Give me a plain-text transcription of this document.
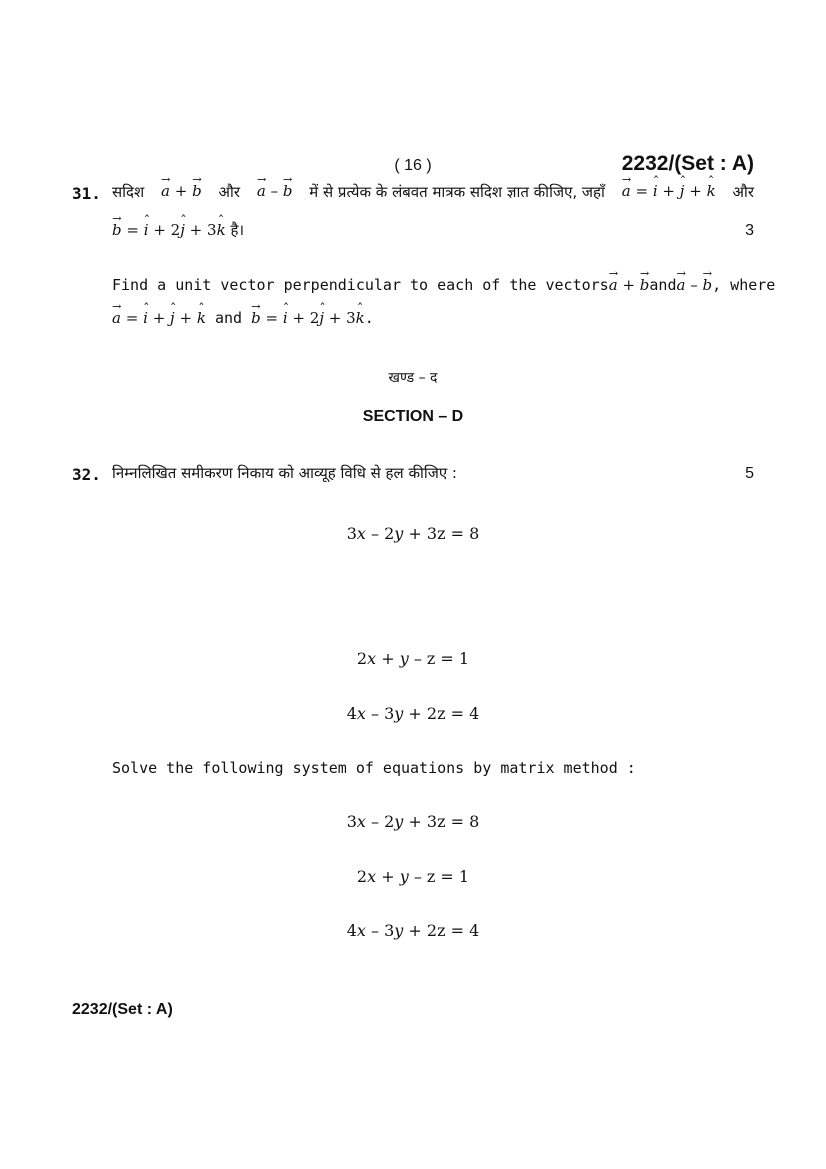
( 16 )	2232/(Set : A)
31. सदिश → a + → b और → a – → b में से प्रत्येक के लंबवत मात्रक सदिश ज्ञात कीजिए, जहाँ → a = ˆ i + ˆ j + ˆ k और
→ b = ˆ i + 2ˆ j + 3ˆ k है।	3
Find a unit vector perpendicular to each of the vectors → a + → b and → a – → b, where
→ a = ˆ i + ˆ j + ˆ k and → b = ˆ i + 2ˆ j + 3ˆ k.
खण्ड – द
SECTION – D
32. निम्नलिखित समीकरण निकाय को आव्यूह विधि से हल कीजिए :	5
3x – 2y + 3z = 8
2x + y – z = 1
4x – 3y + 2z = 4
Solve the following system of equations by matrix method :
3x – 2y + 3z = 8
2x + y – z = 1
4x – 3y + 2z = 4
2232/(Set : A)
